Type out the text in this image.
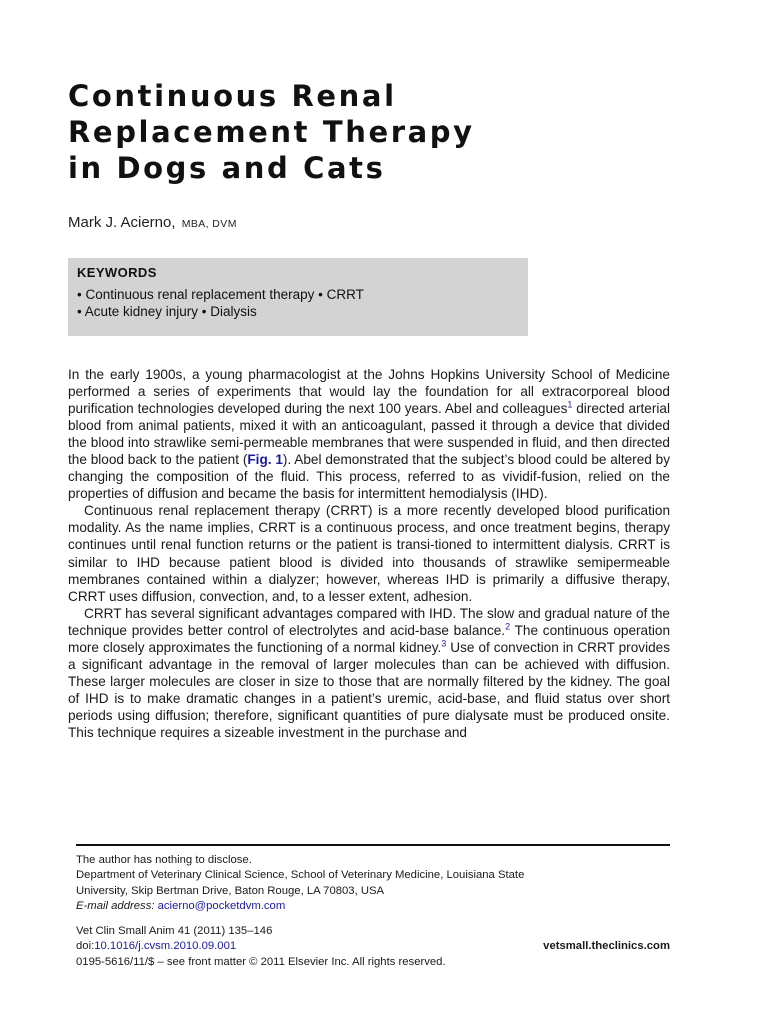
Continuous Renal
Replacement Therapy
in Dogs and Cats
Mark J. Acierno, MBA, DVM
KEYWORDS
• Continuous renal replacement therapy • CRRT
• Acute kidney injury • Dialysis

In the early 1900s, a young pharmacologist at the Johns Hopkins University School of Medicine performed a series of experiments that would lay the foundation for all extracorporeal blood purification technologies developed during the next 100 years. Abel and colleagues$^1$ directed arterial blood from animal patients, mixed it with an anticoagulant, passed it through a device that divided the blood into strawlike semi-permeable membranes that were suspended in fluid, and then directed the blood back to the patient (Fig. 1). Abel demonstrated that the subject’s blood could be altered by changing the composition of the fluid. This process, referred to as vividif-fusion, relied on the properties of diffusion and became the basis for intermittent hemodialysis (IHD).

Continuous renal replacement therapy (CRRT) is a more recently developed blood purification modality. As the name implies, CRRT is a continuous process, and once treatment begins, therapy continues until renal function returns or the patient is transi-tioned to intermittent dialysis. CRRT is similar to IHD because patient blood is divided into thousands of strawlike semipermeable membranes contained within a dialyzer; however, whereas IHD is primarily a diffusive therapy, CRRT uses diffusion, convection, and, to a lesser extent, adhesion.

CRRT has several significant advantages compared with IHD. The slow and gradual nature of the technique provides better control of electrolytes and acid-base balance.$^2$ The continuous operation more closely approximates the functioning of a normal kidney.$^3$ Use of convection in CRRT provides a significant advantage in the removal of larger molecules than can be achieved with diffusion. These larger molecules are closer in size to those that are normally filtered by the kidney. The goal of IHD is to make dramatic changes in a patient’s uremic, acid-base, and fluid status over short periods using diffusion; therefore, significant quantities of pure dialysate must be produced onsite. This technique requires a sizeable investment in the purchase and

The author has nothing to disclose.
Department of Veterinary Clinical Science, School of Veterinary Medicine, Louisiana State
University, Skip Bertman Drive, Baton Rouge, LA 70803, USA
E-mail address: acierno@pocketdvm.com
Vet Clin Small Anim 41 (2011) 135–146
doi:10.1016/j.cvsm.2010.09.001	vetsmall.theclinics.com
0195-5616/11/$ – see front matter © 2011 Elsevier Inc. All rights reserved.
